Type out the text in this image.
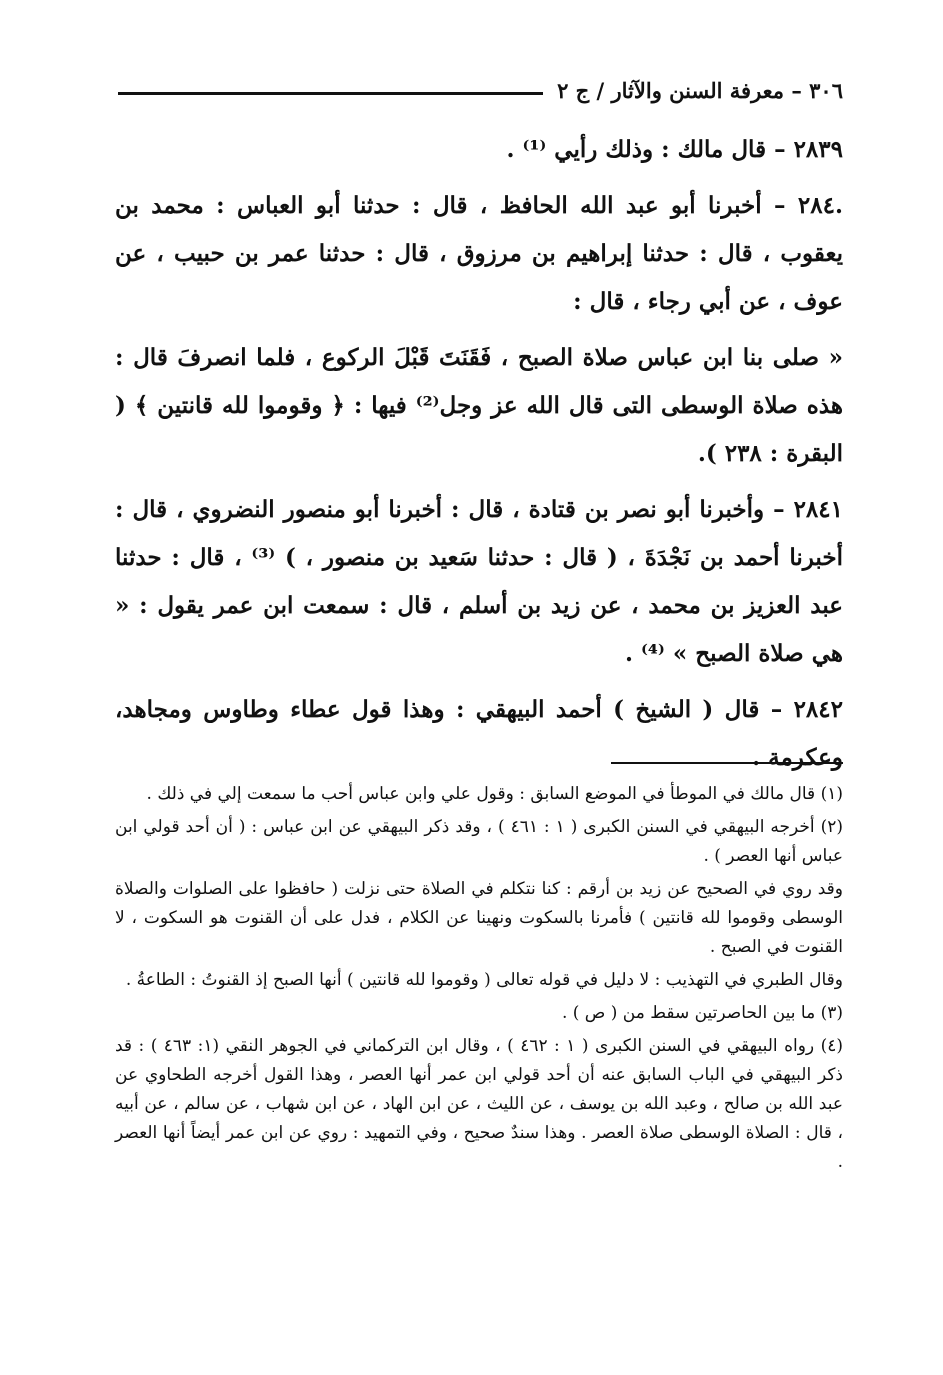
٣٠٦ – معرفة السنن والآثار / ج ٢

٢٨٣٩ – قال مالك : وذلك رأيي ⁽¹⁾ .

.٢٨٤ – أخبرنا أبو عبد الله الحافظ ، قال : حدثنا أبو العباس : محمد بن يعقوب ، قال : حدثنا إبراهيم بن مرزوق ، قال : حدثنا عمر بن حبيب ، عن عوف ، عن أبي رجاء ، قال :

« صلى بنا ابن عباس صلاة الصبح ، فَقَنَتَ قَبْلَ الركوع ، فلما انصرفَ قال : هذه صلاة الوسطى التى قال الله عز وجل⁽²⁾ فيها : ﴿ وقوموا لله قانتين ﴾ ( البقرة : ٢٣٨ ).

٢٨٤١ – وأخبرنا أبو نصر بن قتادة ، قال : أخبرنا أبو منصور النضروي ، قال : أخبرنا أحمد بن نَجْدَةَ ، ( قال : حدثنا سَعيد بن منصور ، ) ⁽³⁾ ، قال : حدثنا عبد العزيز بن محمد ، عن زيد بن أسلم ، قال : سمعت ابن عمر يقول : « هي صلاة الصبح » ⁽⁴⁾ .

٢٨٤٢ – قال ( الشيخ ) أحمد البيهقي : وهذا قول عطاء وطاوس ومجاهد، وعكرمة .

(١) قال مالك في الموطأ في الموضع السابق : وقول علي وابن عباس أحب ما سمعت إلي في ذلك .

(٢) أخرجه البيهقي في السنن الكبرى ( ١ : ٤٦١ ) ، وقد ذكر البيهقي عن ابن عباس : ( أن أحد قولي ابن عباس أنها العصر ) .

وقد روي في الصحيح عن زيد بن أرقم : كنا نتكلم في الصلاة حتى نزلت ( حافظوا على الصلوات والصلاة الوسطى وقوموا لله قانتين ) فأمرنا بالسكوت ونهينا عن الكلام ، فدل على أن القنوت هو السكوت ، لا القنوت في الصبح .

وقال الطبري في التهذيب : لا دليل في قوله تعالى ( وقوموا لله قانتين ) أنها الصبح إذ القنوتُ : الطاعةُ .

(٣) ما بين الحاصرتين سقط من ( ص ) .

(٤) رواه البيهقي في السنن الكبرى ( ١ : ٤٦٢ ) ، وقال ابن التركماني في الجوهر النقي (١: ٤٦٣ ) : قد ذكر البيهقي في الباب السابق عنه أن أحد قولي ابن عمر أنها العصر ، وهذا القول أخرجه الطحاوي عن عبد الله بن صالح ، وعبد الله بن يوسف ، عن الليث ، عن ابن الهاد ، عن ابن شهاب ، عن سالم ، عن أبيه ، قال : الصلاة الوسطى صلاة العصر . وهذا سندٌ صحيح ، وفي التمهيد : روي عن ابن عمر أيضاً أنها العصر .
